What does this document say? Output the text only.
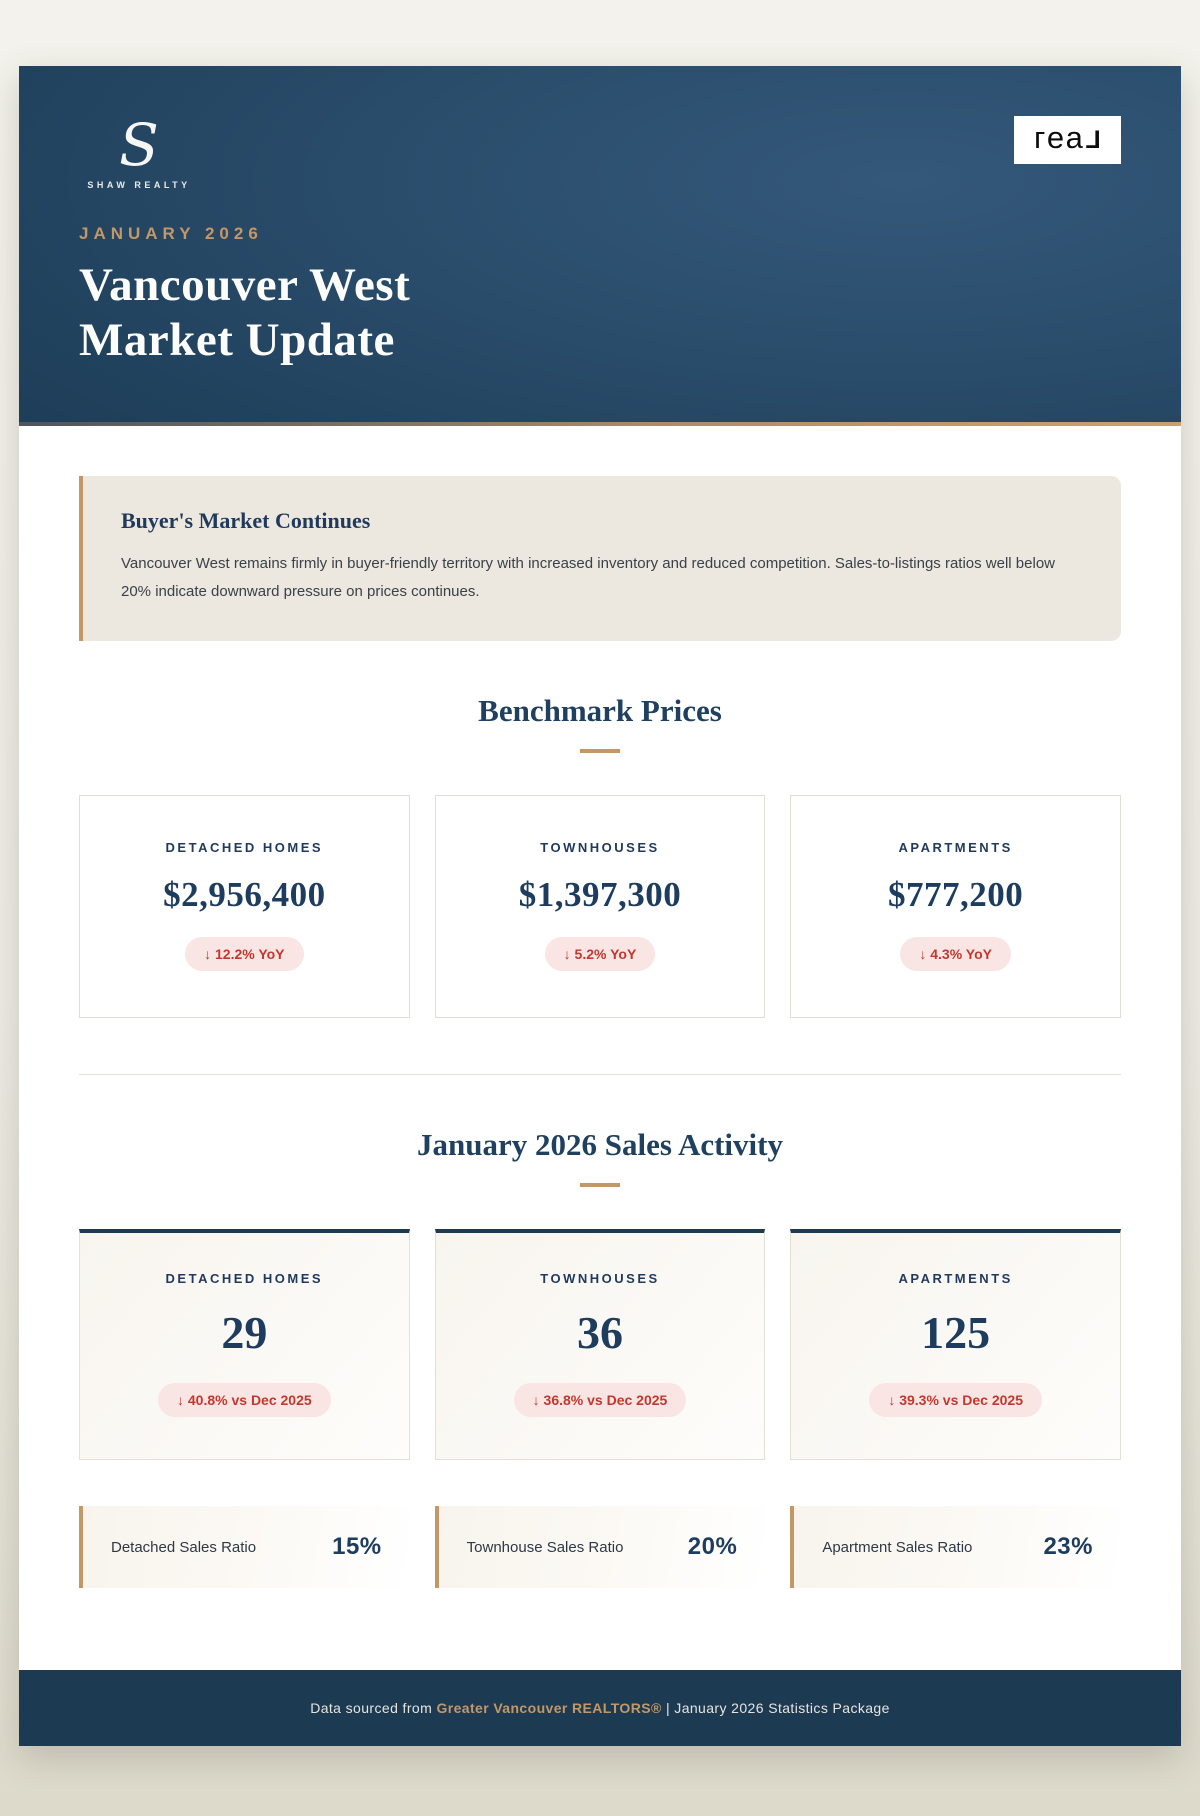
S
SHAW REALTY
г e a L
JANUARY 2026
Vancouver West
Market Update
Buyer's Market Continues

Vancouver West remains firmly in buyer-friendly territory with increased inventory and reduced competition. Sales-to-listings ratios well below 20% indicate downward pressure on prices continues.

Benchmark Prices
DETACHED HOMES
$2,956,400
↓ 12.2% YoY
TOWNHOUSES
$1,397,300
↓ 5.2% YoY
APARTMENTS
$777,200
↓ 4.3% YoY
January 2026 Sales Activity
DETACHED HOMES
29
↓ 40.8% vs Dec 2025
TOWNHOUSES
36
↓ 36.8% vs Dec 2025
APARTMENTS
125
↓ 39.3% vs Dec 2025
Detached Sales Ratio	15%	Townhouse Sales Ratio	20%	Apartment Sales Ratio	23%

Data sourced from Greater Vancouver REALTORS® | January 2026 Statistics Package
